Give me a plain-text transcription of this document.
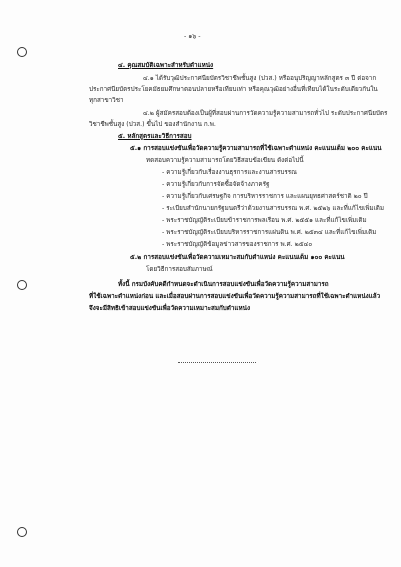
- ๑๖ -
๔. คุณสมบัติเฉพาะสำหรับตำแหน่ง
๔.๑ ได้รับวุฒิประกาศนียบัตรวิชาชีพชั้นสูง (ปวส.) หรืออนุปริญญาหลักสูตร ๓ ปี ต่อจาก
ประกาศนียบัตรประโยคมัธยมศึกษาตอนปลายหรือเทียบเท่า หรือคุณวุฒิอย่างอื่นที่เทียบได้ในระดับเดียวกันใน
ทุกสาขาวิชา
๔.๒ ผู้สมัครสอบต้องเป็นผู้ที่สอบผ่านการวัดความรู้ความสามารถทั่วไป ระดับประกาศนียบัตร
วิชาชีพชั้นสูง (ปวส.) ขึ้นไป ของสำนักงาน ก.พ.
๕. หลักสูตรและวิธีการสอบ
๕.๑ การสอบแข่งขันเพื่อวัดความรู้ความสามารถที่ใช้เฉพาะตำแหน่ง คะแนนเต็ม ๒๐๐ คะแนน
ทดสอบความรู้ความสามารถโดยวิธีสอบข้อเขียน ดังต่อไปนี้
- ความรู้เกี่ยวกับเรื่องงานธุรการและงานสารบรรณ
- ความรู้เกี่ยวกับการจัดซื้อจัดจ้างภาครัฐ
- ความรู้เกี่ยวกับเศรษฐกิจ การบริหารราชการ และแผนยุทธศาสตร์ชาติ ๒๐ ปี
- ระเบียบสำนักนายกรัฐมนตรีว่าด้วยงานสารบรรณ พ.ศ. ๒๕๒๖ และที่แก้ไขเพิ่มเติม
- พระราชบัญญัติระเบียบข้าราชการพลเรือน พ.ศ. ๒๕๕๑ และที่แก้ไขเพิ่มเติม
- พระราชบัญญัติระเบียบบริหารราชการแผ่นดิน พ.ศ. ๒๕๓๔ และที่แก้ไขเพิ่มเติม
- พระราชบัญญัติข้อมูลข่าวสารของราชการ พ.ศ. ๒๕๔๐
๕.๒ การสอบแข่งขันเพื่อวัดความเหมาะสมกับตำแหน่ง คะแนนเต็ม ๑๐๐ คะแนน
โดยวิธีการสอบสัมภาษณ์
ทั้งนี้ กรมบังคับคดีกำหนดจะดำเนินการสอบแข่งขันเพื่อวัดความรู้ความสามารถ
ที่ใช้เฉพาะตำแหน่งก่อน และเมื่อสอบผ่านการสอบแข่งขันเพื่อวัดความรู้ความสามารถที่ใช้เฉพาะตำแหน่งแล้ว
จึงจะมีสิทธิเข้าสอบแข่งขันเพื่อวัดความเหมาะสมกับตำแหน่ง
